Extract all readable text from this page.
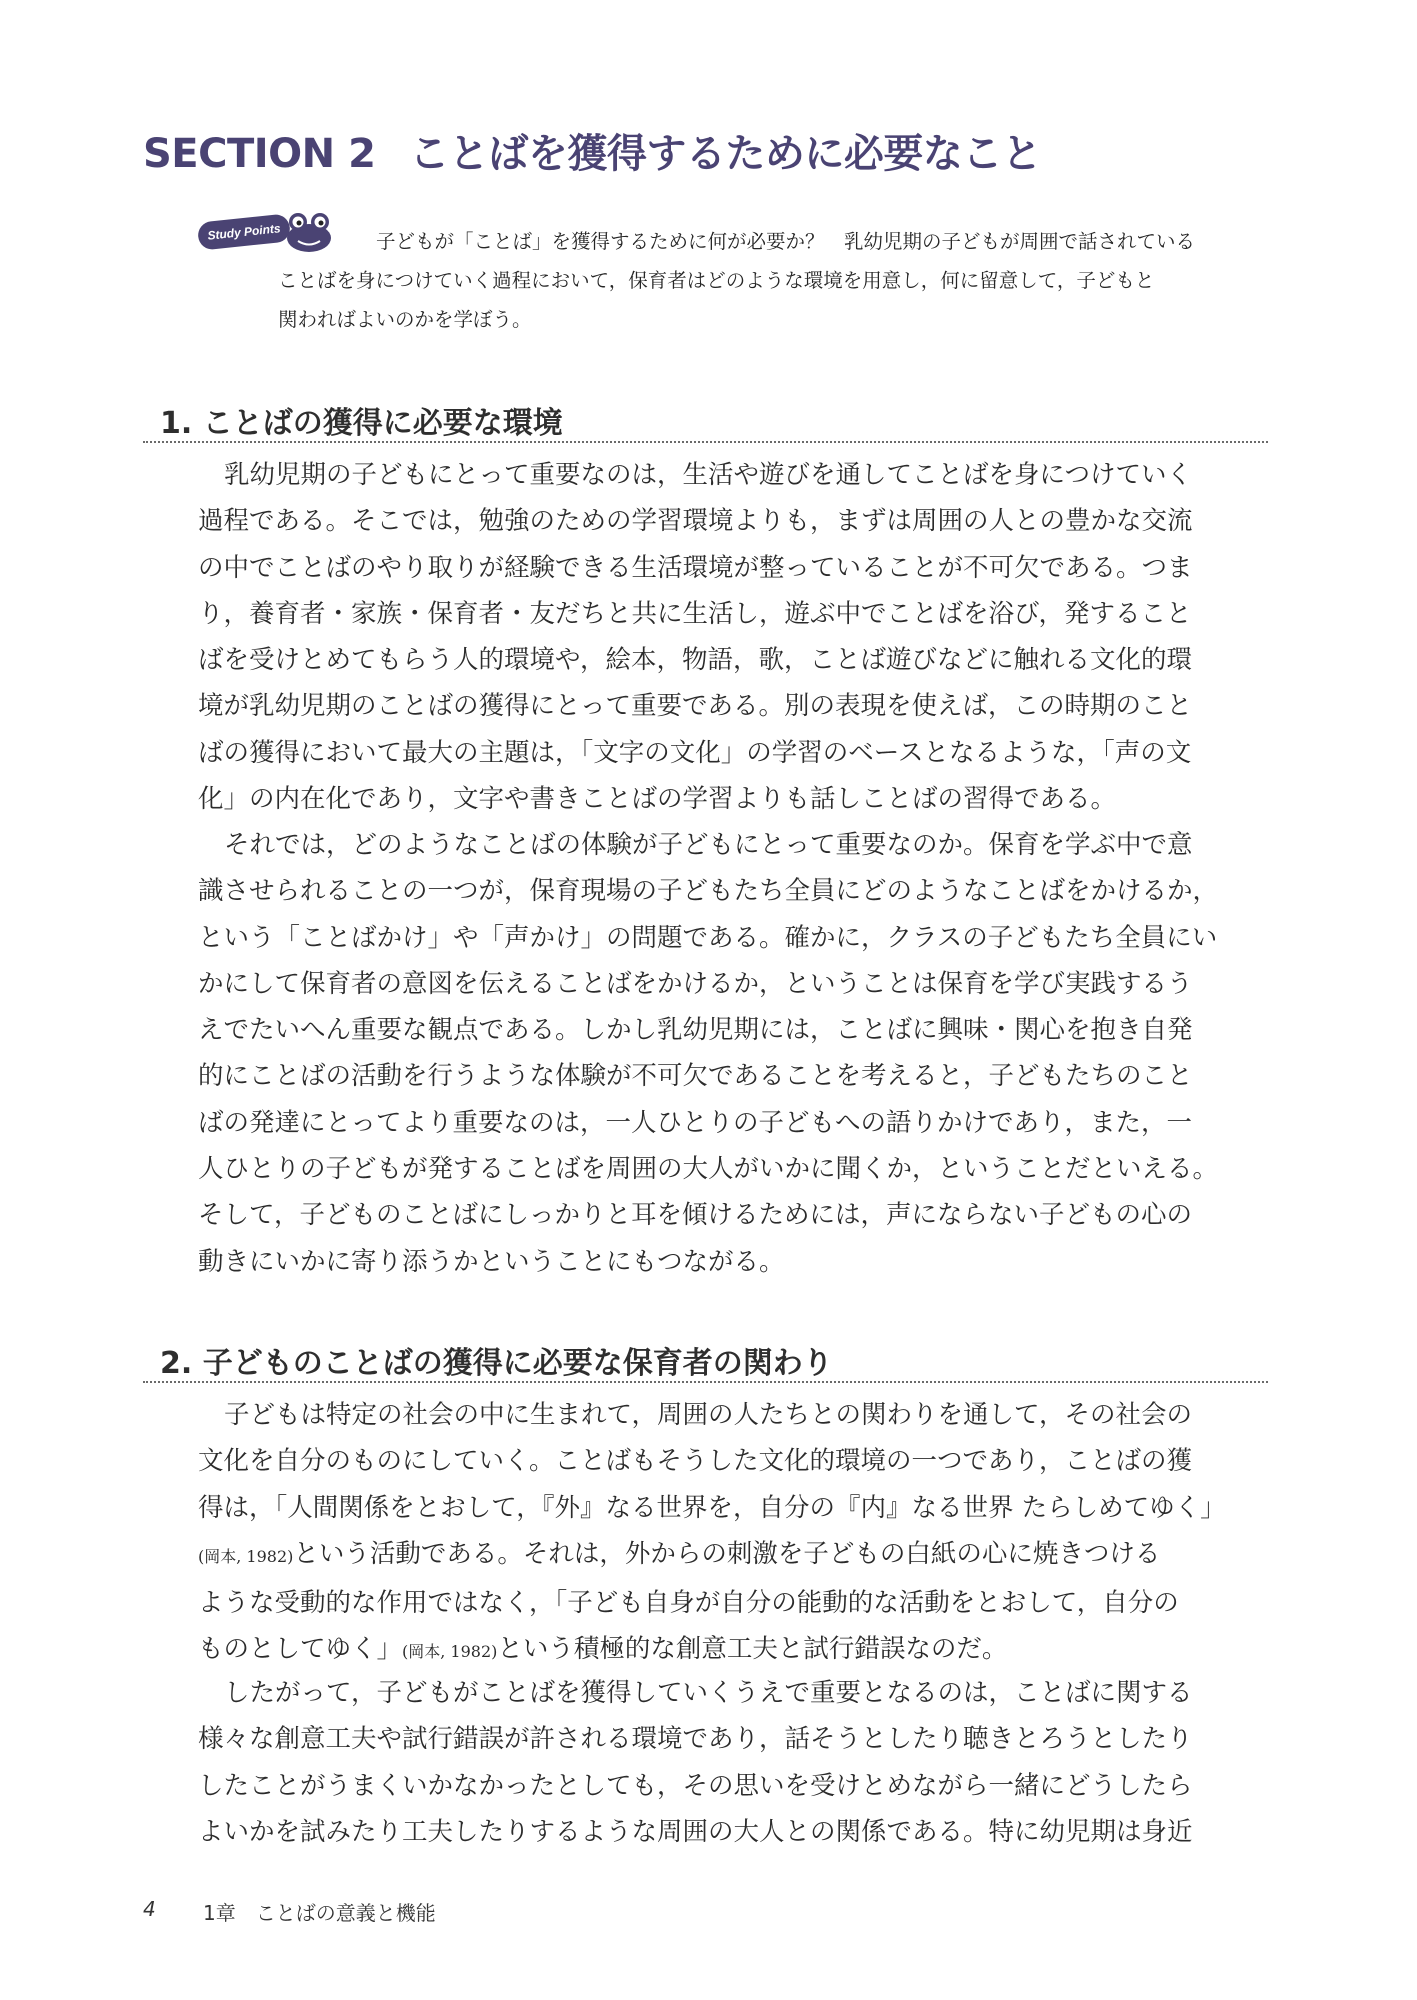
SECTION 2 ことばを獲得するために必要なこと
Study Points	子どもが「ことば」を獲得するために何が必要か？　乳幼児期の子どもが周囲で話されている
ことばを身につけていく過程において，保育者はどのような環境を用意し，何に留意して，子どもと
関わればよいのかを学ぼう。

1. ことばの獲得に必要な環境
乳幼児期の子どもにとって重要なのは，生活や遊びを通してことばを身につけていく
過程である。そこでは，勉強のための学習環境よりも，まずは周囲の人との豊かな交流
の中でことばのやり取りが経験できる生活環境が整っていることが不可欠である。つま
り，養育者・家族・保育者・友だちと共に生活し，遊ぶ中でことばを浴び，発すること
ばを受けとめてもらう人的環境や，絵本，物語，歌，ことば遊びなどに触れる文化的環
境が乳幼児期のことばの獲得にとって重要である。別の表現を使えば，この時期のこと
ばの獲得において最大の主題は，「文字の文化」の学習のベースとなるような，「声の文
化」の内在化であり，文字や書きことばの学習よりも話しことばの習得である。
それでは，どのようなことばの体験が子どもにとって重要なのか。保育を学ぶ中で意
識させられることの一つが，保育現場の子どもたち全員にどのようなことばをかけるか，
という「ことばかけ」や「声かけ」の問題である。確かに，クラスの子どもたち全員にい
かにして保育者の意図を伝えることばをかけるか，ということは保育を学び実践するう
えでたいへん重要な観点である。しかし乳幼児期には，ことばに興味・関心を抱き自発
的にことばの活動を行うような体験が不可欠であることを考えると，子どもたちのこと
ばの発達にとってより重要なのは，一人ひとりの子どもへの語りかけであり，また，一
人ひとりの子どもが発することばを周囲の大人がいかに聞くか，ということだといえる。
そして，子どものことばにしっかりと耳を傾けるためには，声にならない子どもの心の
動きにいかに寄り添うかということにもつながる。
2. 子どものことばの獲得に必要な保育者の関わり
子どもは特定の社会の中に生まれて，周囲の人たちとの関わりを通して，その社会の
文化を自分のものにしていく。ことばもそうした文化的環境の一つであり，ことばの獲
得は，「人間関係をとおして，『外』なる世界を，自分の『内』なる世界 たらしめてゆく」
(岡本, 1982)という活動である。それは，外からの刺激を子どもの白紙の心に焼きつける
ような受動的な作用ではなく，「子ども自身が自分の能動的な活動をとおして，自分の
ものとしてゆく」(岡本, 1982)という積極的な創意工夫と試行錯誤なのだ。
したがって，子どもがことばを獲得していくうえで重要となるのは，ことばに関する
様々な創意工夫や試行錯誤が許される環境であり，話そうとしたり聴きとろうとしたり
したことがうまくいかなかったとしても，その思いを受けとめながら一緒にどうしたら
よいかを試みたり工夫したりするような周囲の大人との関係である。特に幼児期は身近
4 1章　ことばの意義と機能
